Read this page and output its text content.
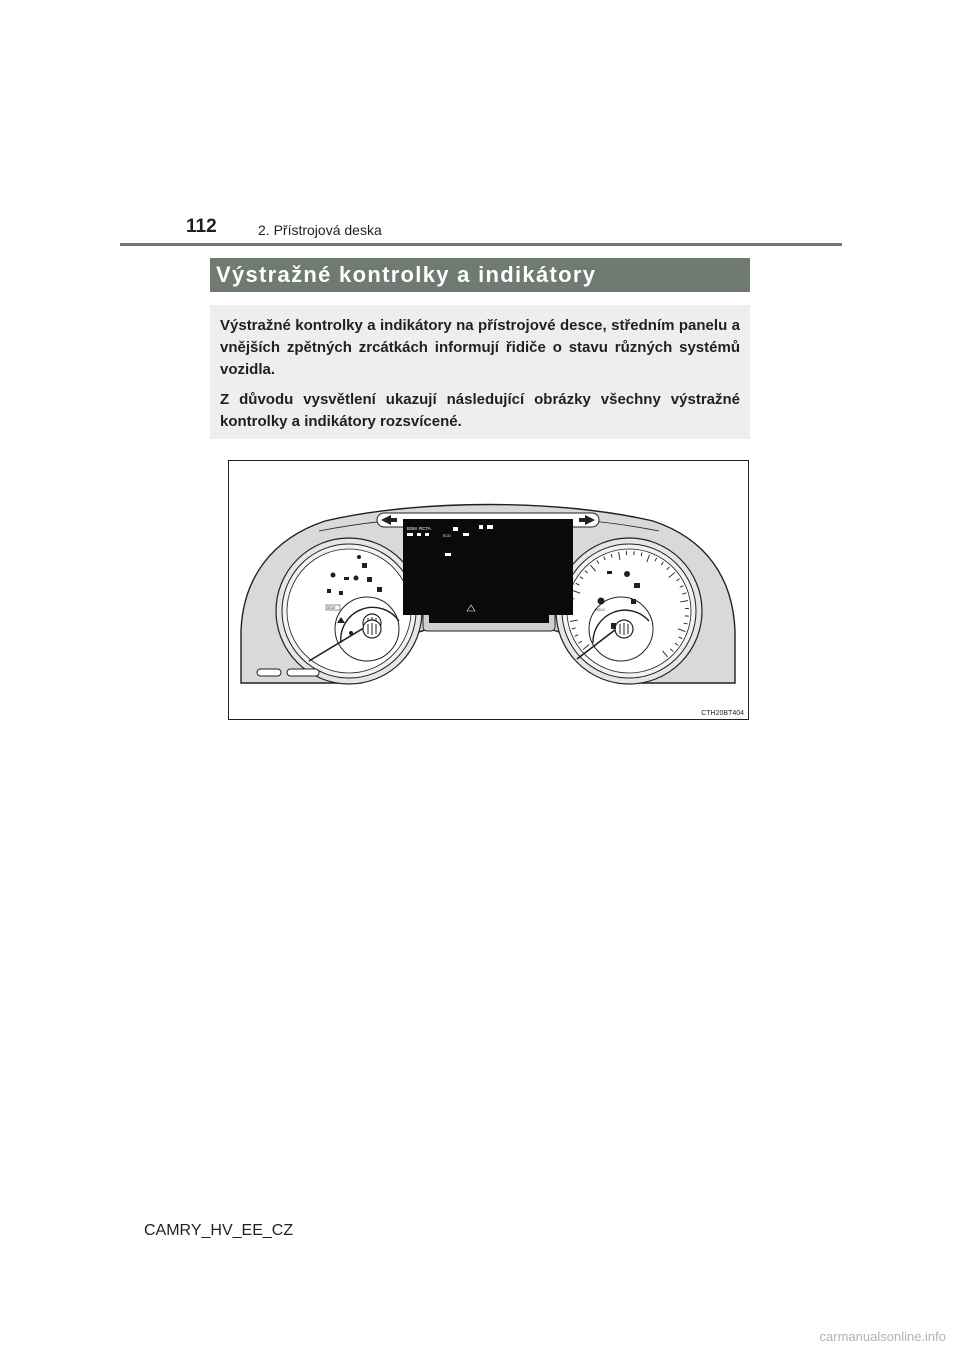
112	2. Přístrojová deska
Výstražné kontrolky a indikátory

Výstražné kontrolky a indikátory na přístrojové desce, středním panelu a vnějších zpětných zrcátkách informují řidiče o stavu různých systémů vozidla.

Z důvodu vysvětlení ukazují následující obrázky všechny výstražné kontrolky a indikátory rozsvícené.

BSM RCTA
ECO
SEAT	HOLD
CTH20BT404
CAMRY_HV_EE_CZ
carmanualsonline.info
